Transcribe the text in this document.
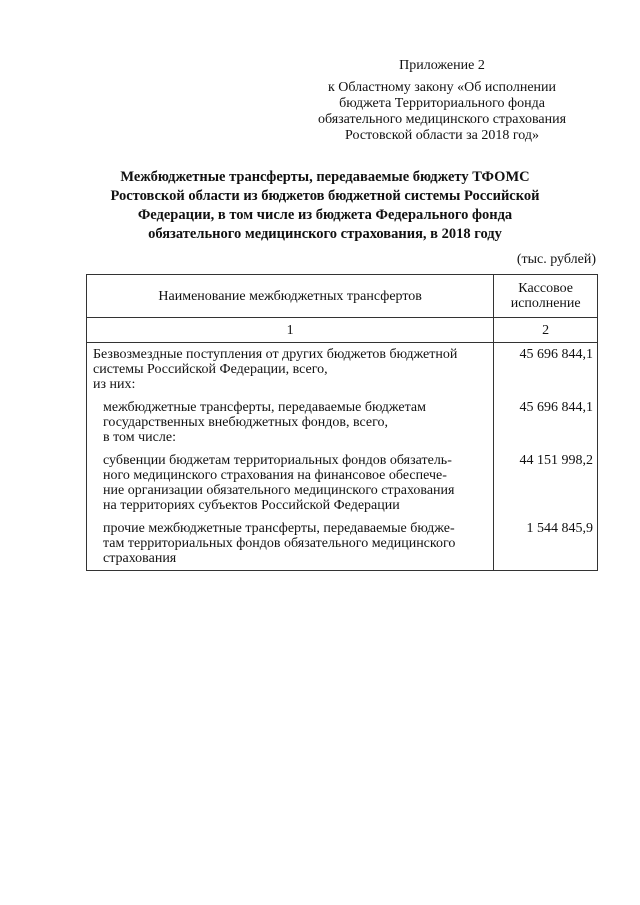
Приложение 2
к Областному закону «Об исполнении
бюджета Территориального фонда
обязательного медицинского страхования
Ростовской области за 2018 год»
Межбюджетные трансферты, передаваемые бюджету ТФОМС
Ростовской области из бюджетов бюджетной системы Российской
Федерации, в том числе из бюджета Федерального фонда
обязательного медицинского страхования, в 2018 году
(тыс. рублей)
Наименование межбюджетных трансфертов	Кассовое
исполнение

1	2

Безвозмездные поступления от других бюджетов бюджетной
системы Российской Федерации, всего,
из них:	45 696 844,1

межбюджетные трансферты, передаваемые бюджетам
государственных внебюджетных фондов, всего,
в том числе:	45 696 844,1

субвенции бюджетам территориальных фондов обязатель-
ного медицинского страхования на финансовое обеспече-
ние организации обязательного медицинского страхования
на территориях субъектов Российской Федерации	44 151 998,2

прочие межбюджетные трансферты, передаваемые бюдже-
там территориальных фондов обязательного медицинского
страхования	1 544 845,9
